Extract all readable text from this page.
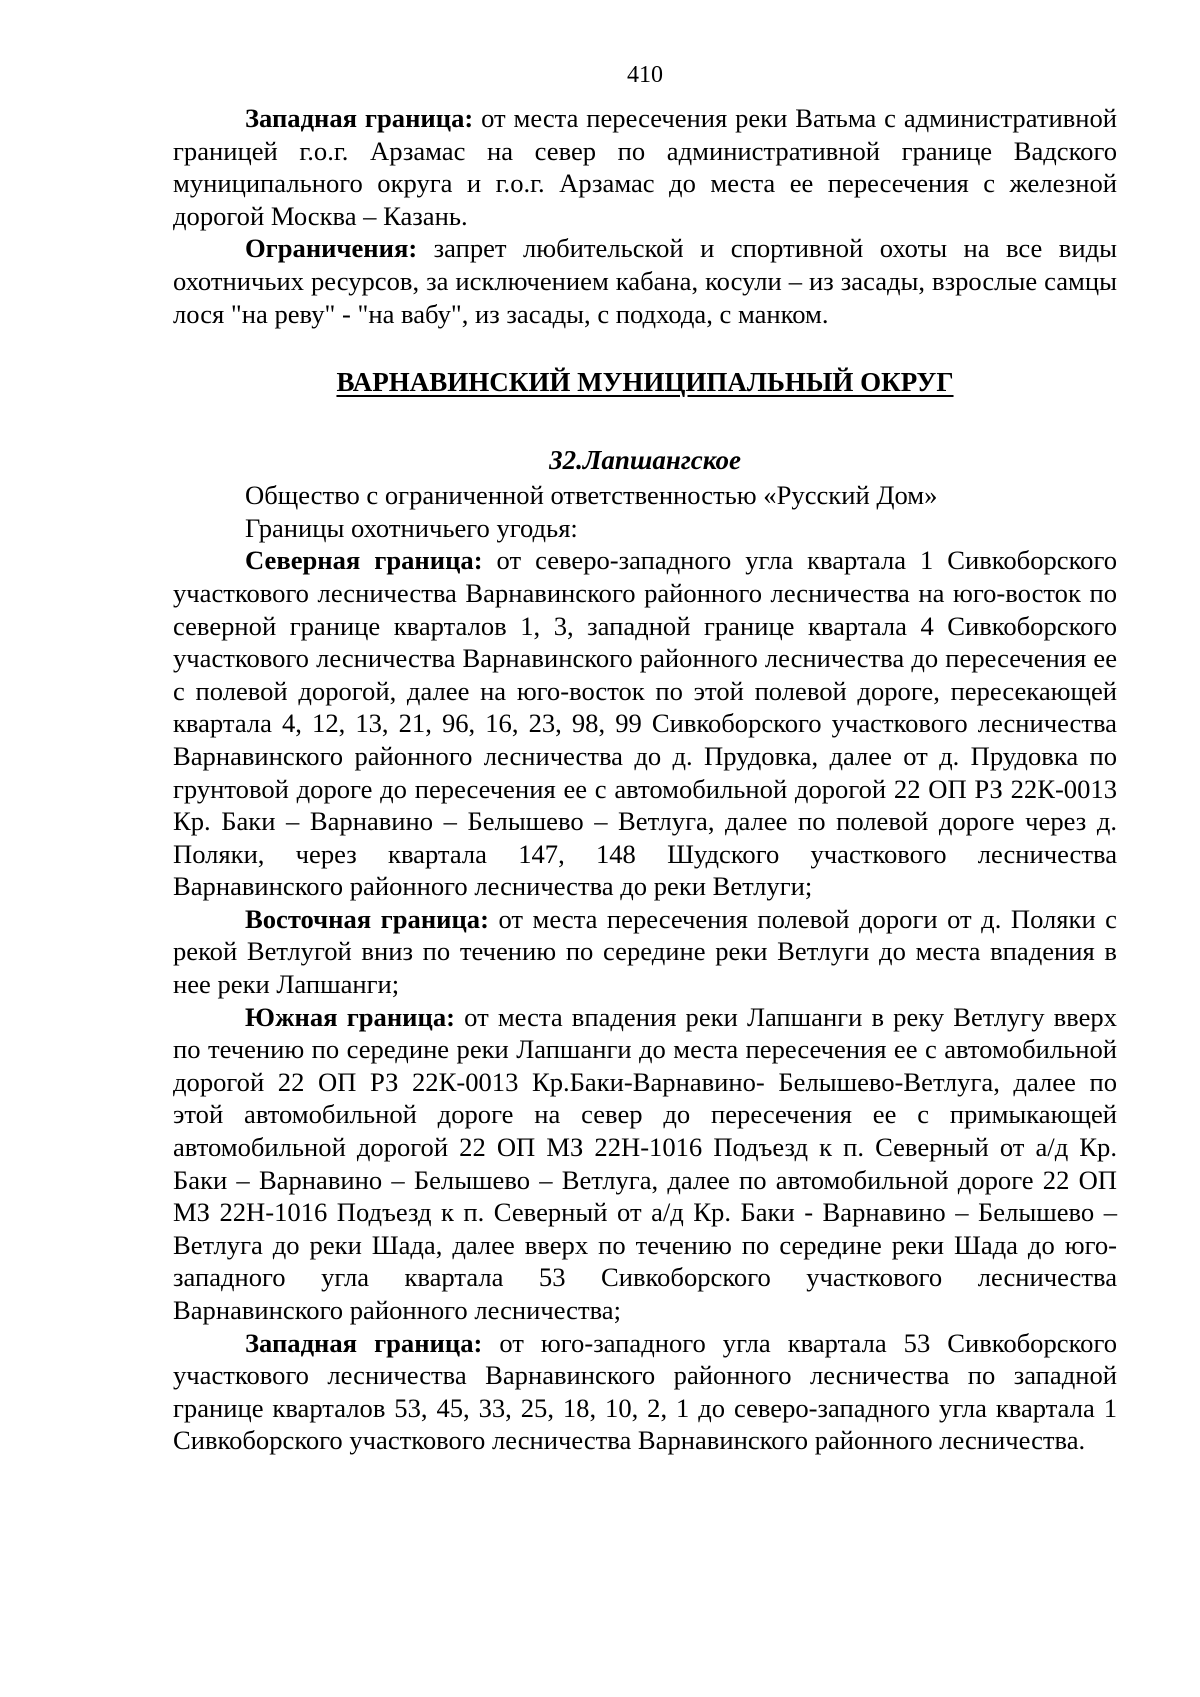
410

Западная граница: от места пересечения реки Ватьма с административной границей г.о.г. Арзамас на север по административной границе Вадского муниципального округа и г.о.г. Арзамас до места ее пересечения с железной дорогой Москва – Казань.

Ограничения: запрет любительской и спортивной охоты на все виды охотничьих ресурсов, за исключением кабана, косули – из засады, взрослые самцы лося "на реву" - "на вабу", из засады, с подхода, с манком.

ВАРНАВИНСКИЙ МУНИЦИПАЛЬНЫЙ ОКРУГ
32.Лапшангское

Общество с ограниченной ответственностью «Русский Дом»

Границы охотничьего угодья:

Северная граница: от северо-западного угла квартала 1 Сивкоборского участкового лесничества Варнавинского районного лесничества на юго-восток по северной границе кварталов 1, 3, западной границе квартала 4 Сивкоборского участкового лесничества Варнавинского районного лесничества до пересечения ее с полевой дорогой, далее на юго-восток по этой полевой дороге, пересекающей квартала 4, 12, 13, 21, 96, 16, 23, 98, 99 Сивкоборского участкового лесничества Варнавинского районного лесничества до д. Прудовка, далее от д. Прудовка по грунтовой дороге до пересечения ее с автомобильной дорогой 22 ОП РЗ 22К-0013 Кр. Баки – Варнавино – Белышево – Ветлуга, далее по полевой дороге через д. Поляки, через квартала 147, 148 Шудского участкового лесничества Варнавинского районного лесничества до реки Ветлуги;

Восточная граница: от места пересечения полевой дороги от д. Поляки с рекой Ветлугой вниз по течению по середине реки Ветлуги до места впадения в нее реки Лапшанги;

Южная граница: от места впадения реки Лапшанги в реку Ветлугу вверх по течению по середине реки Лапшанги до места пересечения ее с автомобильной дорогой 22 ОП РЗ 22К-0013 Кр.Баки-Варнавино- Белышево-Ветлуга, далее по этой автомобильной дороге на север до пересечения ее с примыкающей автомобильной дорогой 22 ОП МЗ 22Н-1016 Подъезд к п. Северный от а/д Кр. Баки – Варнавино – Белышево – Ветлуга, далее по автомобильной дороге 22 ОП МЗ 22Н-1016 Подъезд к п. Северный от а/д Кр. Баки - Варнавино – Белышево – Ветлуга до реки Шада, далее вверх по течению по середине реки Шада до юго-западного угла квартала 53 Сивкоборского участкового лесничества Варнавинского районного лесничества;

Западная граница: от юго-западного угла квартала 53 Сивкоборского участкового лесничества Варнавинского районного лесничества по западной границе кварталов 53, 45, 33, 25, 18, 10, 2, 1 до северо-западного угла квартала 1 Сивкоборского участкового лесничества Варнавинского районного лесничества.
